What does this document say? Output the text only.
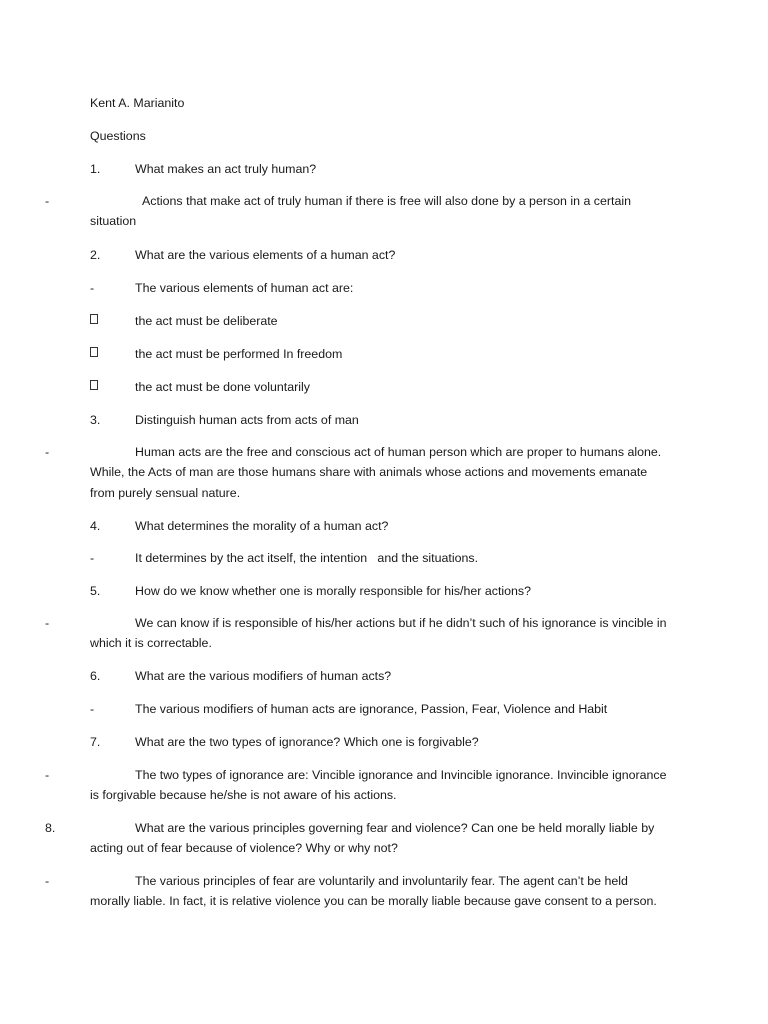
Kent A. Marianito
Questions
1.	What makes an act truly human?
-	Actions that make act of truly human if there is free will also done by a person in a certain situation
2.	What are the various elements of a human act?
-	The various elements of human act are:
the act must be deliberate
the act must be performed In freedom
the act must be done voluntarily
3.	Distinguish human acts from acts of man
-	Human acts are the free and conscious act of human person which are proper to humans alone. While, the Acts of man are those humans share with animals whose actions and movements emanate from purely sensual nature.
4.	What determines the morality of a human act?
-	It determines by the act itself, the intention   and the situations.
5.	How do we know whether one is morally responsible for his/her actions?
-	We can know if is responsible of his/her actions but if he didn’t such of his ignorance is vincible in which it is correctable.
6.	What are the various modifiers of human acts?
-	The various modifiers of human acts are ignorance, Passion, Fear, Violence and Habit
7.	What are the two types of ignorance? Which one is forgivable?
-	The two types of ignorance are: Vincible ignorance and Invincible ignorance. Invincible ignorance is forgivable because he/she is not aware of his actions.
8.	What are the various principles governing fear and violence? Can one be held morally liable by acting out of fear because of violence? Why or why not?
-	The various principles of fear are voluntarily and involuntarily fear. The agent can’t be held morally liable. In fact, it is relative violence you can be morally liable because gave consent to a person.
